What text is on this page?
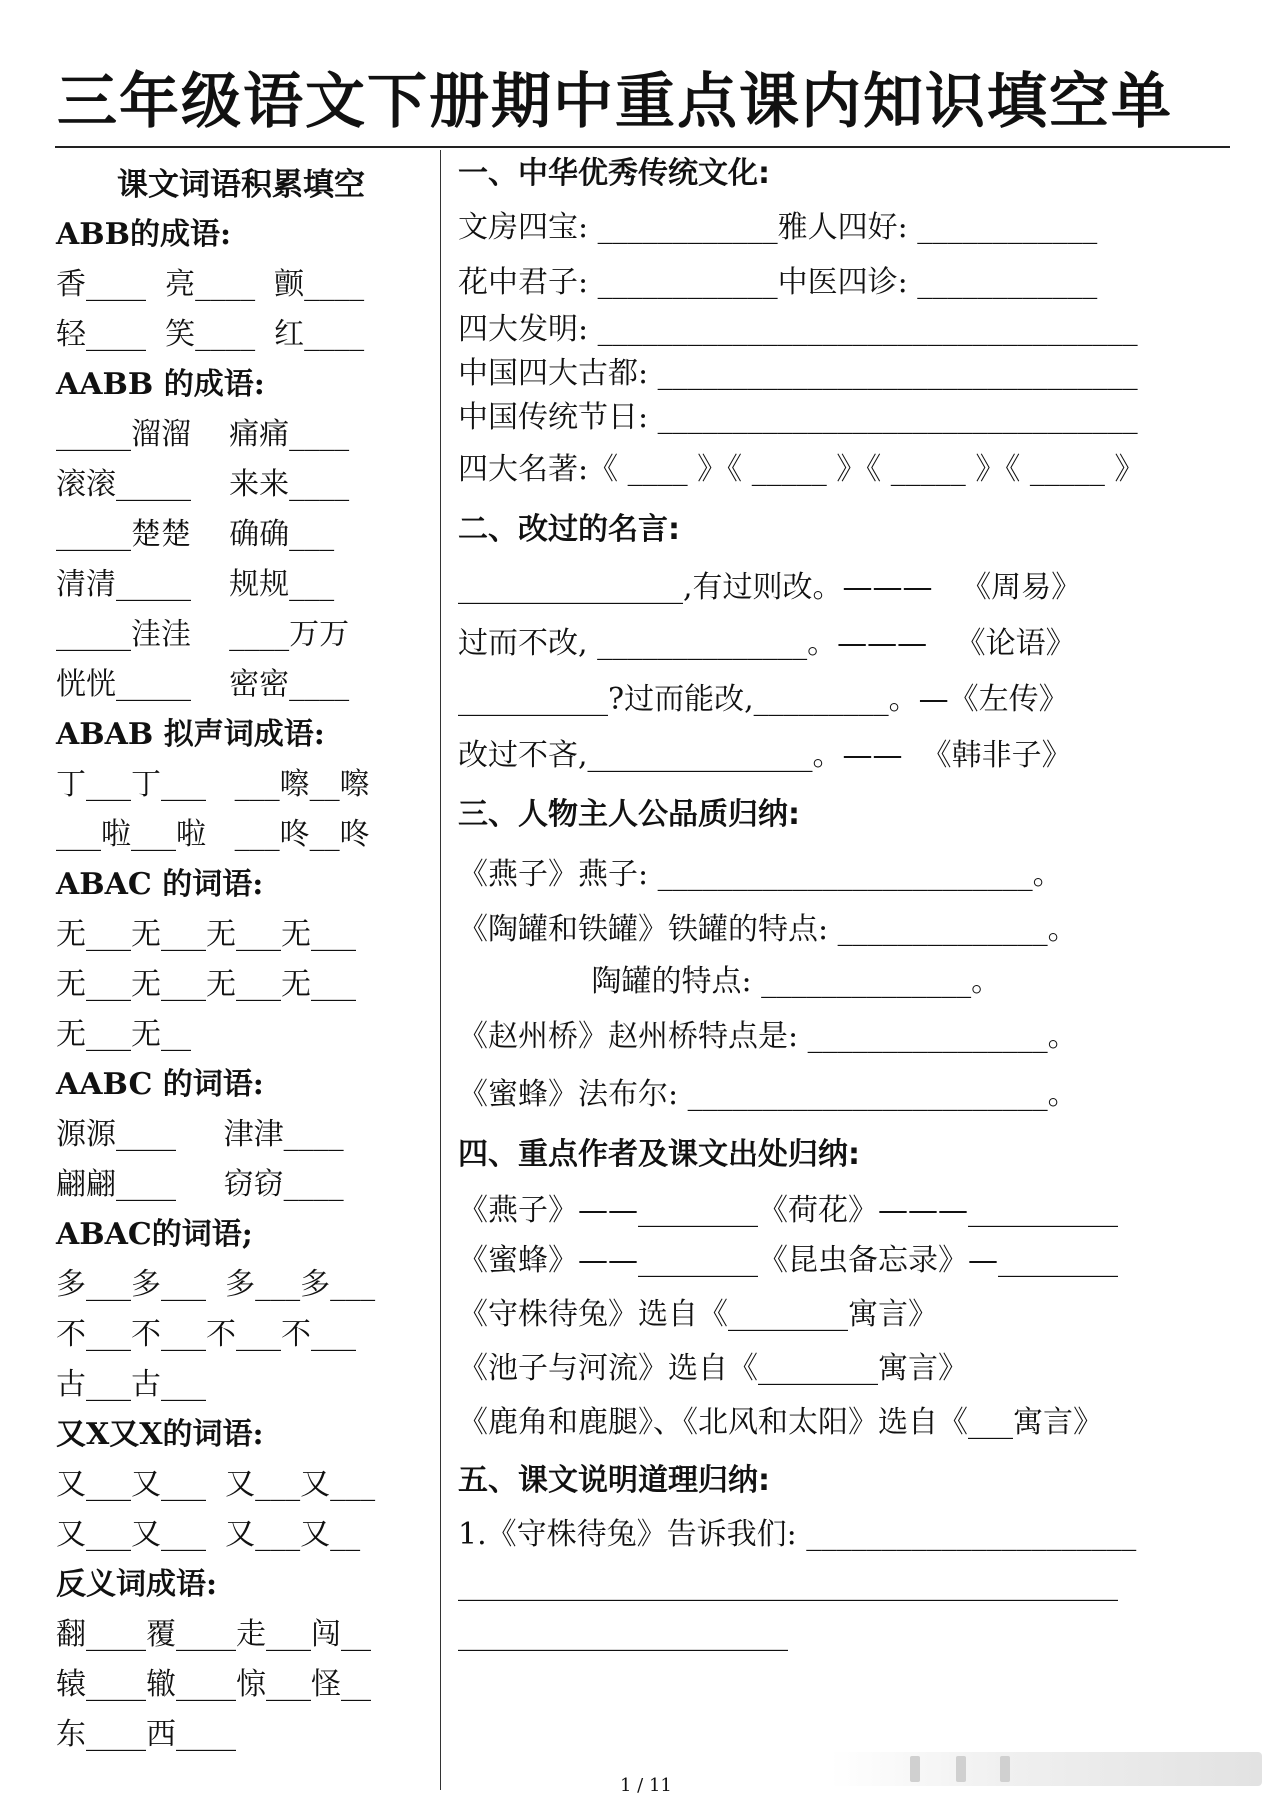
三年级语文下册期中重点课内知识填空单
课文词语积累填空
ABB的成语:
香____  亮____  颤____
轻____  笑____  红____
AABB 的成语:
_____溜溜    痛痛____
滚滚_____    来来____
_____楚楚    确确___
清清_____    规规___
_____洼洼    ____万万
恍恍_____    密密____
ABAB 拟声词成语:
丁___丁___   ___嚓__嚓
___啦___啦   ___咚__咚
ABAC 的词语:
无___无___无___无___
无___无___无___无___
无___无__
AABC 的词语:
源源____     津津____
翩翩____     窃窃____
ABAC的词语;
多___多___  多___多___
不___不___不___不___
古___古___
又X又X的词语:
又___又___  又___又___
又___又___  又___又__
反义词成语:
翻____覆____走___闯__
辕____辙____惊___怪__
东____西____
一、中华优秀传统文化:
文房四宝: ____________雅人四好: ____________
花中君子: ____________中医四诊: ____________
四大发明: ____________________________________
中国四大古都: ________________________________
中国传统节日: ________________________________
四大名著:《 ____ 》《 _____ 》《 _____ 》《 _____ 》
二、改过的名言:
_______________,有过则改。———   《周易》
过而不改, ______________。———   《论语》
__________?过而能改,_________。—《左传》
改过不吝,_______________。——  《韩非子》
三、人物主人公品质归纳:
《燕子》燕子: _________________________。
《陶罐和铁罐》铁罐的特点: ______________。
陶罐的特点: ______________。
《赵州桥》赵州桥特点是: ________________。
《蜜蜂》法布尔: ________________________。
四、重点作者及课文出处归纳:
《燕子》——________《荷花》———__________
《蜜蜂》——________《昆虫备忘录》—________
《守株待兔》选自《________寓言》
《池子与河流》选自《________寓言》
《鹿角和鹿腿》、《北风和太阳》选自《___寓言》
五、课文说明道理归纳:
1.《守株待兔》告诉我们: ______________________
____________________________________________
______________________
1 / 11
